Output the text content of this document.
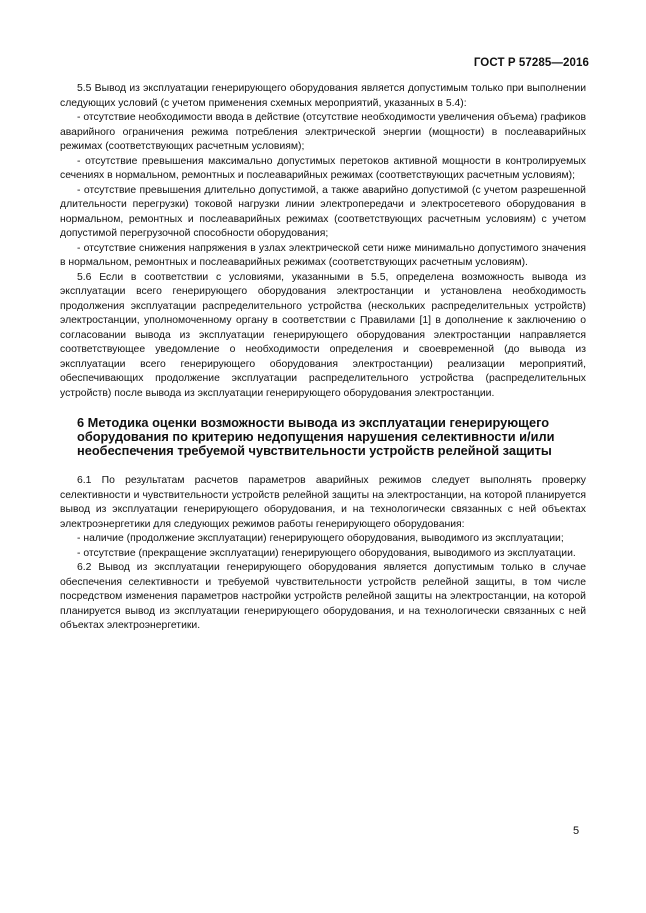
ГОСТ Р 57285—2016

5.5 Вывод из эксплуатации генерирующего оборудования является допустимым только при выполнении следующих условий (с учетом применения схемных мероприятий, указанных в 5.4):

- отсутствие необходимости ввода в действие (отсутствие необходимости увеличения объема) графиков аварийного ограничения режима потребления электрической энергии (мощности) в послеаварийных режимах (соответствующих расчетным условиям);

- отсутствие превышения максимально допустимых перетоков активной мощности в контролируемых сечениях в нормальном, ремонтных и послеаварийных режимах (соответствующих расчетным условиям);

- отсутствие превышения длительно допустимой, а также аварийно допустимой (с учетом разрешенной длительности перегрузки) токовой нагрузки линии электропередачи и электросетевого оборудования в нормальном, ремонтных и послеаварийных режимах (соответствующих расчетным условиям) с учетом допустимой перегрузочной способности оборудования;

- отсутствие снижения напряжения в узлах электрической сети ниже минимально допустимого значения в нормальном, ремонтных и послеаварийных режимах (соответствующих расчетным условиям).

5.6 Если в соответствии с условиями, указанными в 5.5, определена возможность вывода из эксплуатации всего генерирующего оборудования электростанции и установлена необходимость продолжения эксплуатации распределительного устройства (нескольких распределительных устройств) электростанции, уполномоченному органу в соответствии с Правилами [1] в дополнение к заключению о согласовании вывода из эксплуатации генерирующего оборудования электростанции направляется соответствующее уведомление о необходимости определения и своевременной (до вывода из эксплуатации всего генерирующего оборудования электростанции) реализации мероприятий, обеспечивающих продолжение эксплуатации распределительного устройства (распределительных устройств) после вывода из эксплуатации генерирующего оборудования электростанции.

6 Методика оценки возможности вывода из эксплуатации генерирующего оборудования по критерию недопущения нарушения селективности и/или необеспечения требуемой чувствительности устройств релейной защиты

6.1 По результатам расчетов параметров аварийных режимов следует выполнять проверку селективности и чувствительности устройств релейной защиты на электростанции, на которой планируется вывод из эксплуатации генерирующего оборудования, и на технологически связанных с ней объектах электроэнергетики для следующих режимов работы генерирующего оборудования:

- наличие (продолжение эксплуатации) генерирующего оборудования, выводимого из эксплуатации;

- отсутствие (прекращение эксплуатации) генерирующего оборудования, выводимого из эксплуатации.

6.2 Вывод из эксплуатации генерирующего оборудования является допустимым только в случае обеспечения селективности и требуемой чувствительности устройств релейной защиты, в том числе посредством изменения параметров настройки устройств релейной защиты на электростанции, на которой планируется вывод из эксплуатации генерирующего оборудования, и на технологически связанных с ней объектах электроэнергетики.

5
